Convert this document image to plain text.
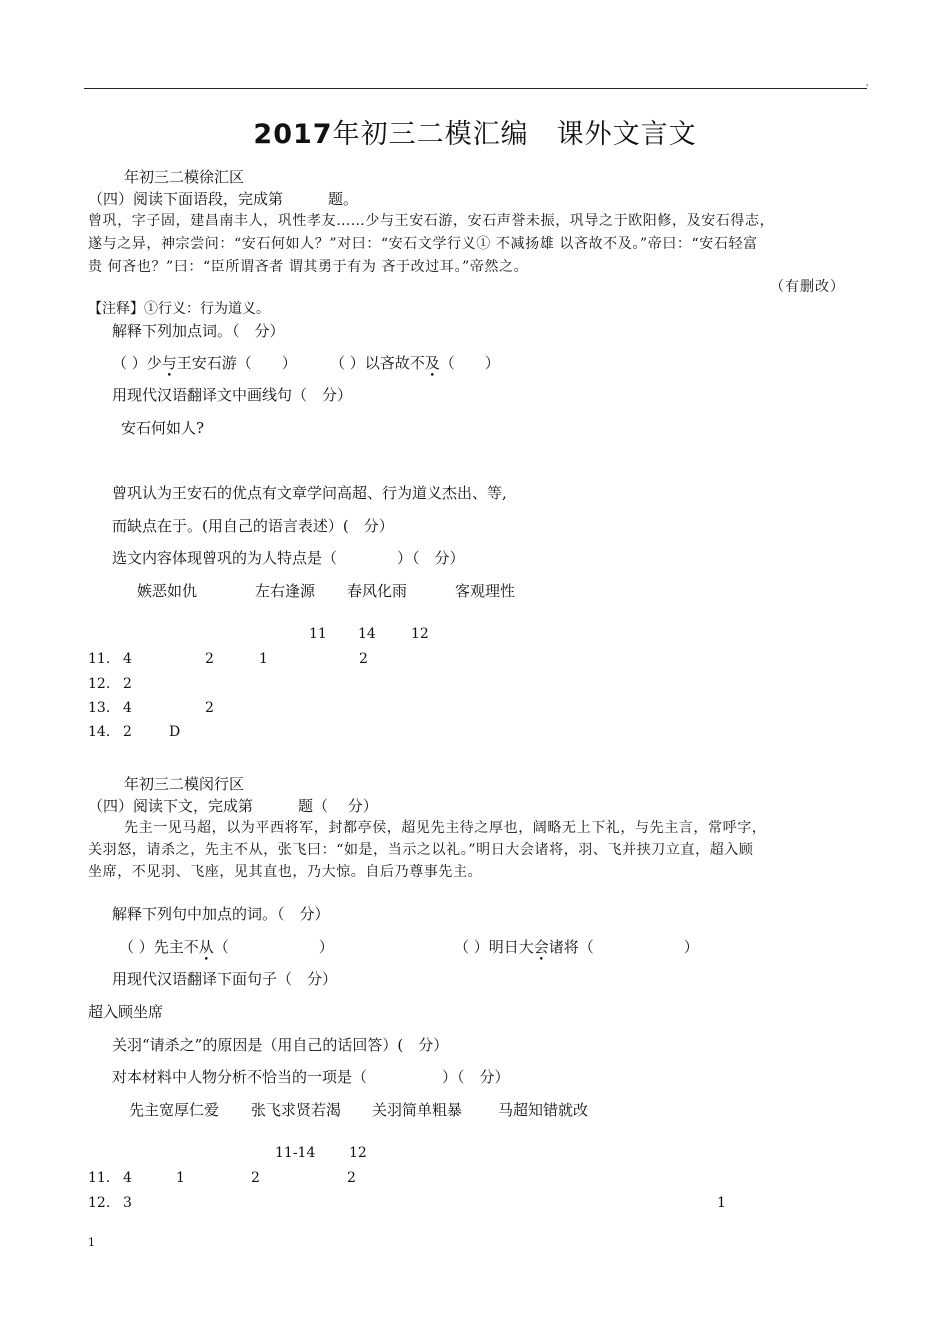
'
2017年初三二模汇编　课外文言文
年初三二模徐汇区
（四）阅读下面语段，完成第　　　题。
曾巩，字子固，建昌南丰人，巩性孝友……少与王安石游，安石声誉未振，巩导之于欧阳修，及安石得志，
遂与之异，神宗尝问：“安石何如人？”对曰：“安石文学行义① 不减扬雄 以吝故不及。”帝曰：“安石轻富
贵 何吝也？”曰：“臣所谓吝者 谓其勇于有为 吝于改过耳。”帝然之。
（有删改）
【注释】①行义：行为道义。
解释下列加点词。（　分）
（ ）少与王安石游（　　） （ ）以吝故不及（　　）
用现代汉语翻译文中画线句（　分）
安石何如人?
曾巩认为王安石的优点有文章学问高超、行为道义杰出、等,
而缺点在于。(用自己的语言表述）(　分）
选文内容体现曾巩的为人特点是（　　　　）（　分）
嫉恶如仇	左右逢源 春风化雨	客观理性
11 14	12
11. 4	2	1	2
12. 2
13. 4	2
14. 2	D
年初三二模闵行区
（四）阅读下文，完成第　　　题（　 分）
先主一见马超，以为平西将军，封都亭侯，超见先主待之厚也，阔略无上下礼，与先主言，常呼字，
关羽怒，请杀之，先主不从，张飞曰：“如是，当示之以礼。”明日大会诸将，羽、飞并挟刀立直，超入顾
坐席，不见羽、飞座，见其直也，乃大惊。自后乃尊事先主。
解释下列句中加点的词。（　分）
（ ）先主不从（　　　　　　）	（ ）明日大会诸将（　　　　　　）
用现代汉语翻译下面句子（　分）
超入顾坐席
关羽“请杀之”的原因是（用自己的话回答）(　分）
对本材料中人物分析不恰当的一项是（　　　　　）（　分）
先主宽厚仁爱 张飞求贤若渴 关羽简单粗暴 马超知错就改
11-14 12
11. 4	1	2	2
12. 3	1
1
